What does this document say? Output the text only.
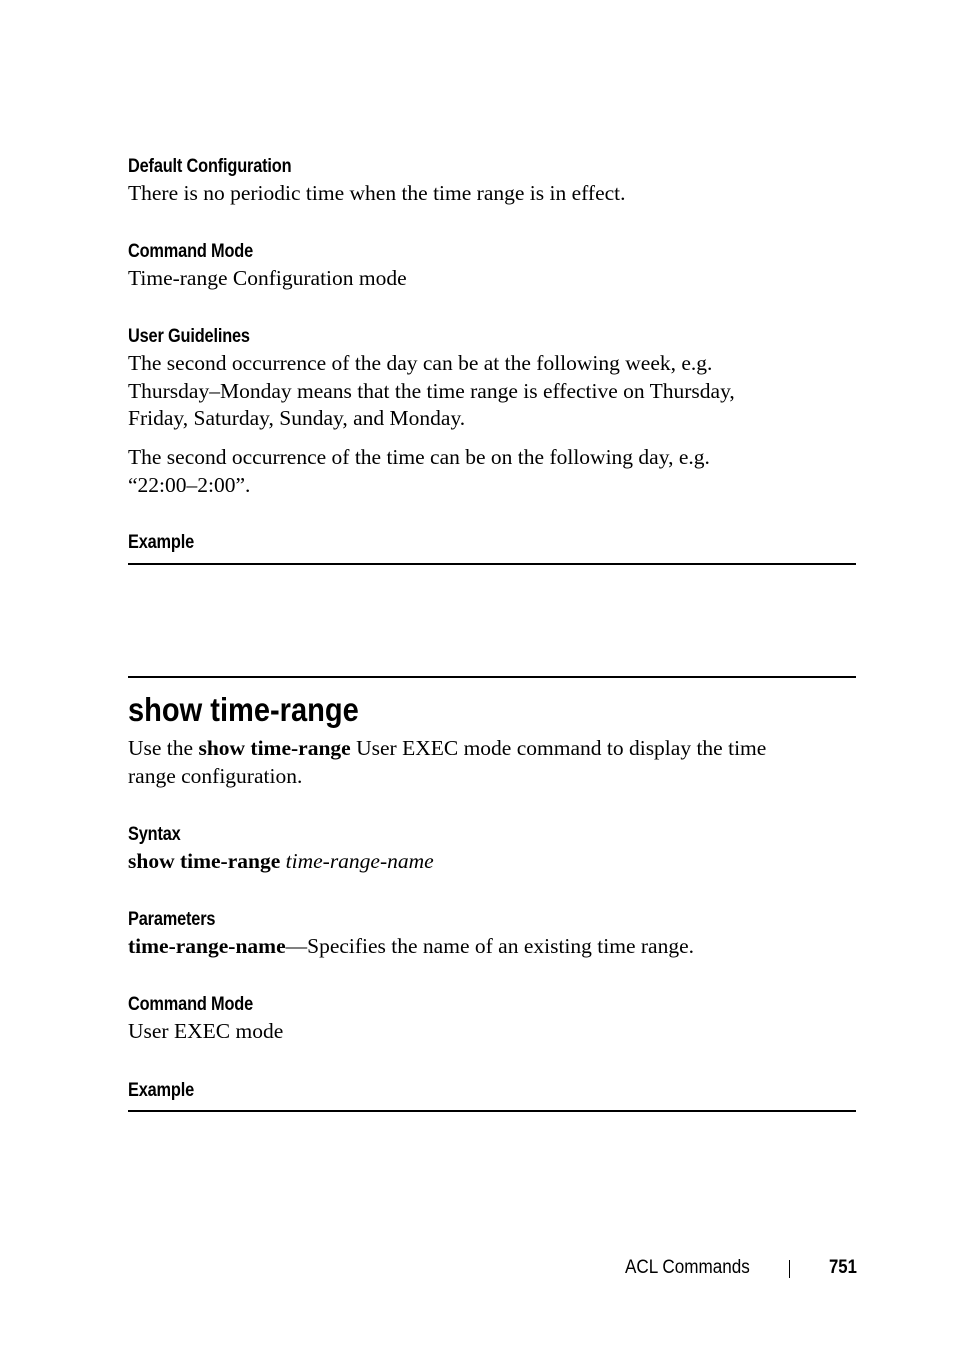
Default Configuration
There is no periodic time when the time range is in effect.
Command Mode
Time-range Configuration mode
User Guidelines
The second occurrence of the day can be at the following week, e.g.
Thursday–Monday means that the time range is effective on Thursday,
Friday, Saturday, Sunday, and Monday.
The second occurrence of the time can be on the following day, e.g.
“22:00–2:00”.
Example
show time-range
Use the show time-range User EXEC mode command to display the time
range configuration.
Syntax
show time-range time-range-name
Parameters
time-range-name—Specifies the name of an existing time range.
Command Mode
User EXEC mode
Example
ACL Commands	751
